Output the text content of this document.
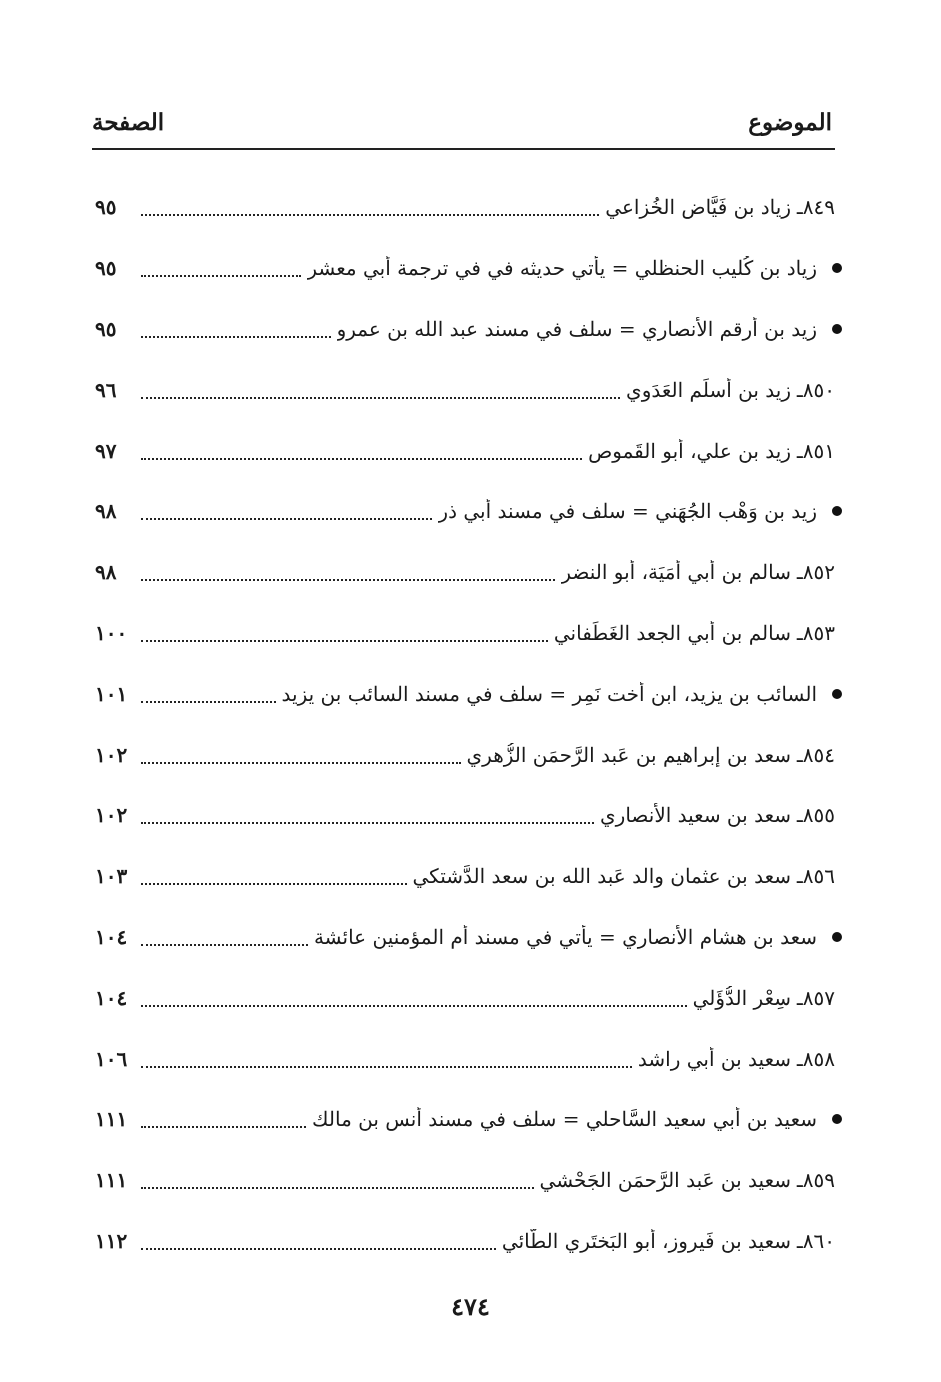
الموضوع
الصفحة
٨٤٩ـ
زياد بن فَيَّاض الخُزاعي
٩٥
زياد بن كُليب الحنظلي = يأتي حديثه في في ترجمة أبي معشر
٩٥
زيد بن أَرقم الأَنصاري = سلف في مسند عبد الله بن عمرو
٩٥
٨٥٠ـ
زيد بن أَسلَم العَدَوي
٩٦
٨٥١ـ
زيد بن علي، أبو القَموص
٩٧
زيد بن وَهْب الجُهَني = سلف في مسند أبي ذر
٩٨
٨٥٢ـ
سالم بن أَبي أُمَيَة، أبو النضر
٩٨
٨٥٣ـ
سالم بن أَبي الجعد الغَطَفاني
١٠٠
السائب بن يزيد، ابن أُخت نَمِر = سلف في مسند السائب بن يزيد
١٠١
٨٥٤ـ
سعد بن إِبراهيم بن عَبد الرَّحمَن الزُّهري
١٠٢
٨٥٥ـ
سعد بن سعيد الأَنصاري
١٠٢
٨٥٦ـ
سعد بن عثمان والد عَبد الله بن سعد الدَّشتكي
١٠٣
سعد بن هشام الأَنصاري = يأتي في مسند أم المؤمنين عائشة
١٠٤
٨٥٧ـ
سِعْر الدُّؤَلي
١٠٤
٨٥٨ـ
سعيد بن أَبي راشد
١٠٦
سعيد بن أَبي سعيد السَّاحلي = سلف في مسند أنس بن مالك
١١١
٨٥٩ـ
سعيد بن عَبد الرَّحمَن الجَحْشي
١١١
٨٦٠ـ
سعيد بن فَيروز، أبو البَختَري الطَّائي
١١٢
٤٧٤
